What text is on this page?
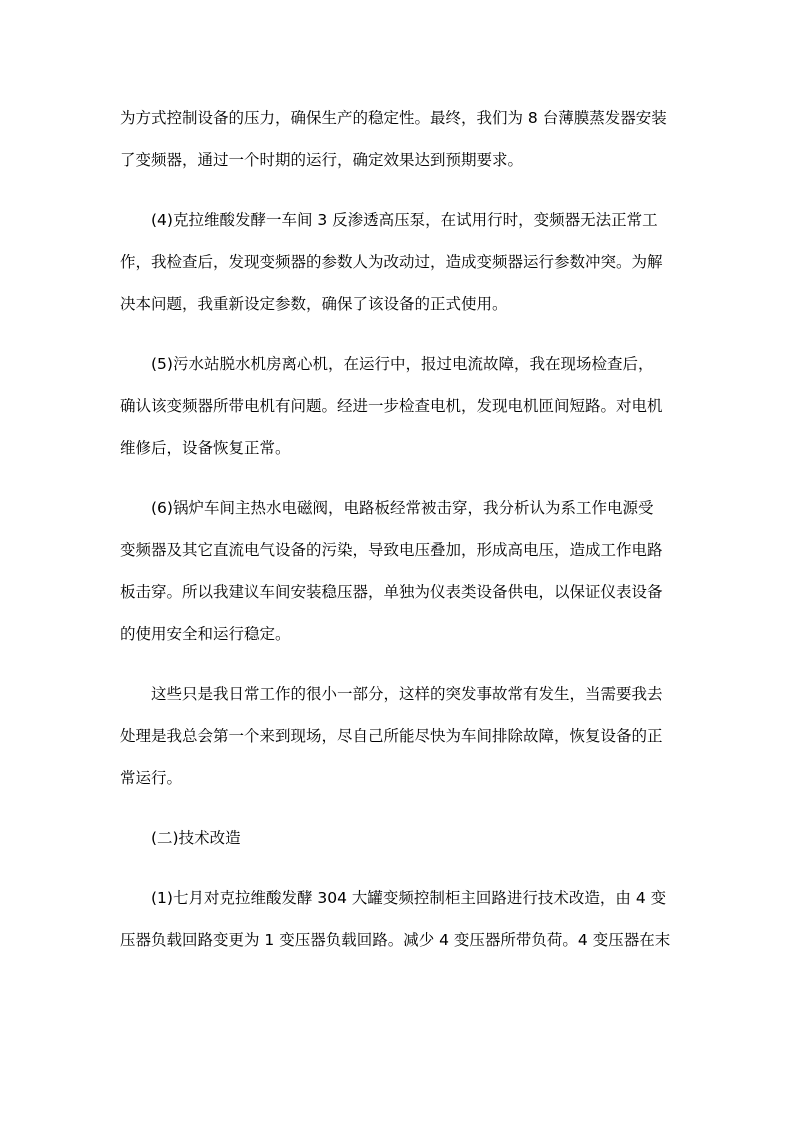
为方式控制设备的压力，确保生产的稳定性。最终，我们为 8 台薄膜蒸发器安装
了变频器，通过一个时期的运行，确定效果达到预期要求。
(4)克拉维酸发酵一车间 3 反渗透高压泵，在试用行时，变频器无法正常工
作，我检查后，发现变频器的参数人为改动过，造成变频器运行参数冲突。为解
决本问题，我重新设定参数，确保了该设备的正式使用。
(5)污水站脱水机房离心机，在运行中，报过电流故障，我在现场检查后，
确认该变频器所带电机有问题。经进一步检查电机，发现电机匝间短路。对电机
维修后，设备恢复正常。
(6)锅炉车间主热水电磁阀，电路板经常被击穿，我分析认为系工作电源受
变频器及其它直流电气设备的污染，导致电压叠加，形成高电压，造成工作电路
板击穿。所以我建议车间安装稳压器，单独为仪表类设备供电，以保证仪表设备
的使用安全和运行稳定。
这些只是我日常工作的很小一部分，这样的突发事故常有发生，当需要我去
处理是我总会第一个来到现场，尽自己所能尽快为车间排除故障，恢复设备的正
常运行。
(二)技术改造
(1)七月对克拉维酸发酵 304 大罐变频控制柜主回路进行技术改造，由 4 变
压器负载回路变更为 1 变压器负载回路。减少 4 变压器所带负荷。4 变压器在末
